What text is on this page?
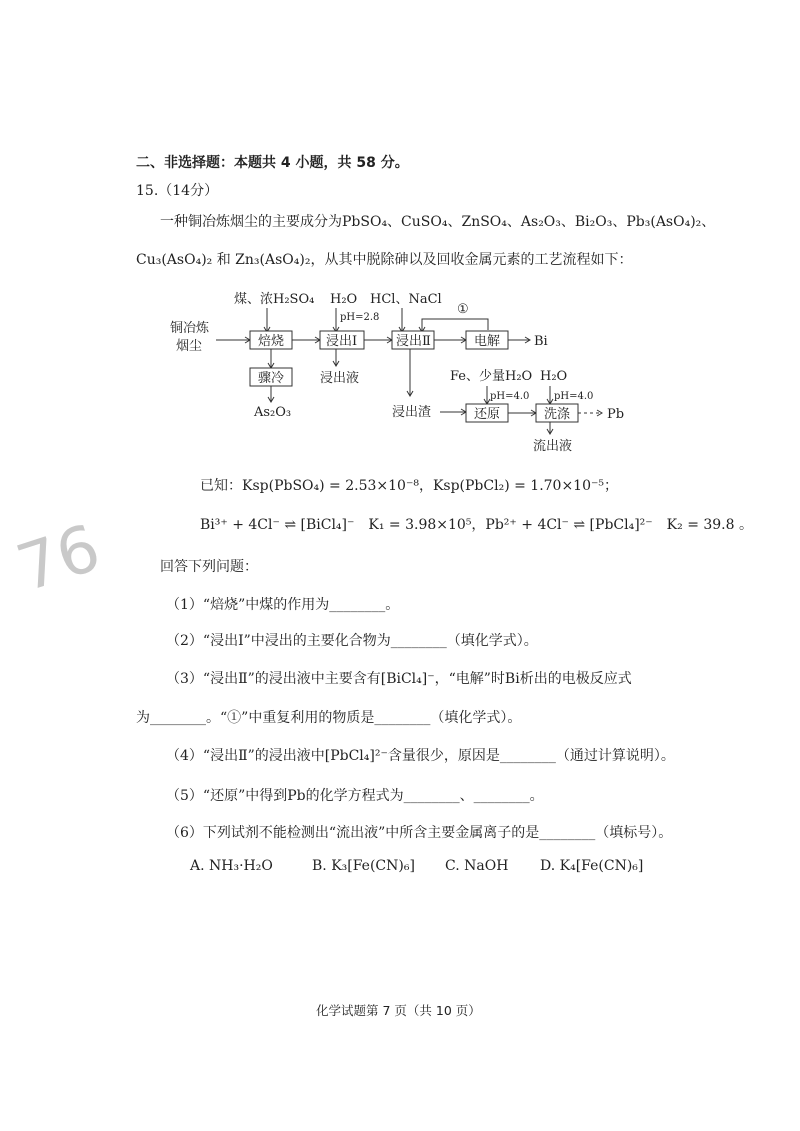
76
二、非选择题：本题共 4 小题，共 58 分。
15.（14分）
一种铜冶炼烟尘的主要成分为PbSO₄、CuSO₄、ZnSO₄、As₂O₃、Bi₂O₃、Pb₃(AsO₄)₂、
Cu₃(AsO₄)₂ 和 Zn₃(AsO₄)₂，从其中脱除砷以及回收金属元素的工艺流程如下：
铜冶炼
烟尘
煤、浓H₂SO₄ H₂O
pH=2.8
HCl、NaCl
①
焙烧	浸出Ⅰ	浸出Ⅱ	电解	Bi
骤冷
As₂O₃
浸出液
浸出渣
Fe、少量H₂O
pH=4.0
还原
H₂O
pH=4.0
洗涤	Pb
流出液
已知：Ksp(PbSO₄) = 2.53×10⁻⁸，Ksp(PbCl₂) = 1.70×10⁻⁵；
Bi³⁺ + 4Cl⁻ ⇌ [BiCl₄]⁻　K₁ = 3.98×10⁵，Pb²⁺ + 4Cl⁻ ⇌ [PbCl₄]²⁻　K₂ = 39.8 。
回答下列问题：
（1）“焙烧”中煤的作用为________。
（2）“浸出Ⅰ”中浸出的主要化合物为________（填化学式）。
（3）“浸出Ⅱ”的浸出液中主要含有[BiCl₄]⁻，“电解”时Bi析出的电极反应式
为________。“①”中重复利用的物质是________（填化学式）。
（4）“浸出Ⅱ”的浸出液中[PbCl₄]²⁻含量很少，原因是________（通过计算说明）。
（5）“还原”中得到Pb的化学方程式为________、________。
（6）下列试剂不能检测出“流出液”中所含主要金属离子的是________（填标号）。
A. NH₃·H₂O	B. K₃[Fe(CN)₆] C. NaOH D. K₄[Fe(CN)₆]
化学试题第 7 页（共 10 页）
